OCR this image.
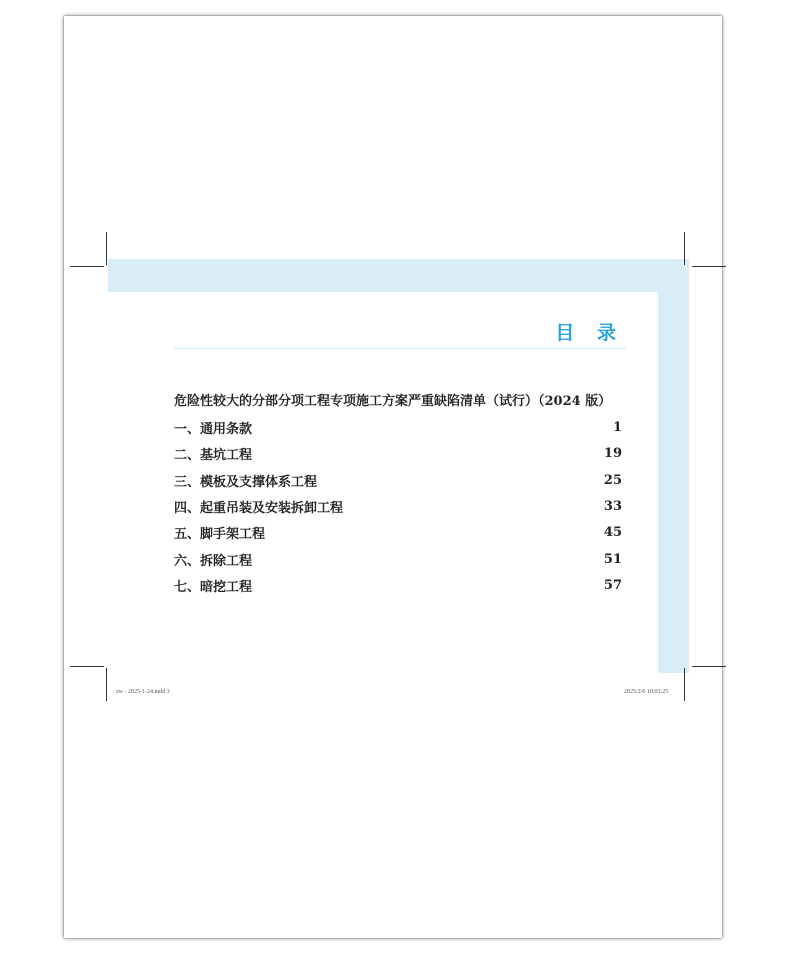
目 录
危险性较大的分部分项工程专项施工方案严重缺陷清单（试行）（2024 版）
一、通用条款	1
二、基坑工程	19
三、模板及支撑体系工程	25
四、起重吊装及安装拆卸工程	33
五、脚手架工程	45
六、拆除工程	51
七、暗挖工程	57
zw - 2025-1-24.indd 3	2025/2/6 10:03:25
